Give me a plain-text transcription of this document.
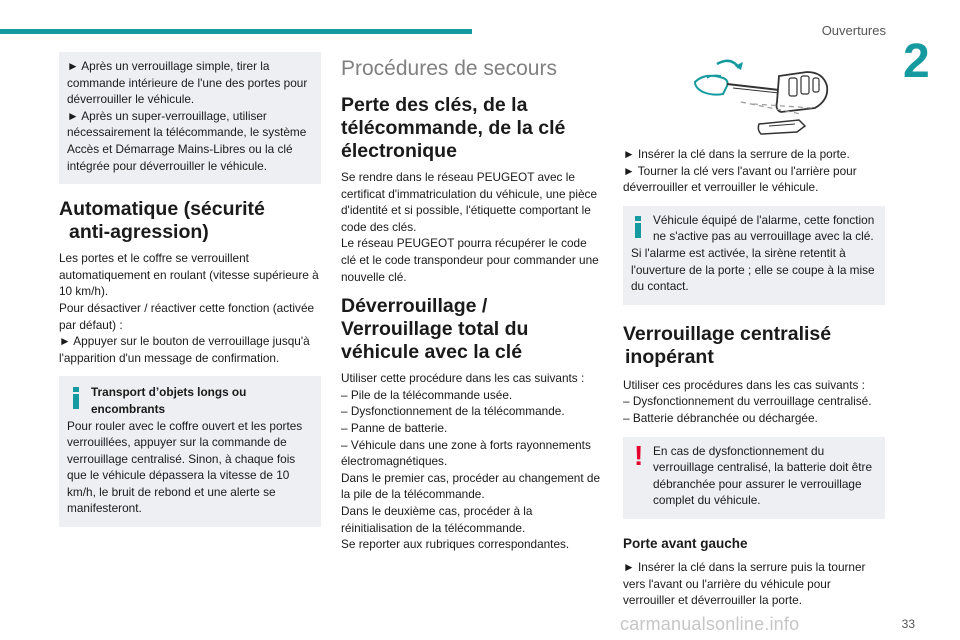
Ouvertures
2

► Après un verrouillage simple, tirer la commande intérieure de l'une des portes pour déverrouiller le véhicule.

► Après un super-verrouillage, utiliser nécessairement la télécommande, le système Accès et Démarrage Mains-Libres ou la clé intégrée pour déverrouiller le véhicule.

Automatique (sécurité
anti-agression)

Les portes et le coffre se verrouillent automatiquement en roulant (vitesse supérieure à 10 km/h).

Pour désactiver / réactiver cette fonction (activée par défaut) :

► Appuyer sur le bouton de verrouillage jusqu'à l'apparition d'un message de confirmation.

Transport d’objets longs ou encombrants

Pour rouler avec le coffre ouvert et les portes verrouillées, appuyer sur la commande de verrouillage centralisé. Sinon, à chaque fois que le véhicule dépassera la vitesse de 10 km/h, le bruit de rebond et une alerte se manifesteront.

Procédures de secours
Perte des clés, de la télécommande, de la clé électronique

Se rendre dans le réseau PEUGEOT avec le certificat d'immatriculation du véhicule, une pièce d'identité et si possible, l'étiquette comportant le code des clés.

Le réseau PEUGEOT pourra récupérer le code clé et le code transpondeur pour commander une nouvelle clé.

Déverrouillage / Verrouillage total du véhicule avec la clé

Utiliser cette procédure dans les cas suivants :

– Pile de la télécommande usée.

– Dysfonctionnement de la télécommande.

– Panne de batterie.

– Véhicule dans une zone à forts rayonnements électromagnétiques.

Dans le premier cas, procéder au changement de la pile de la télécommande.

Dans le deuxième cas, procéder à la réinitialisation de la télécommande.

Se reporter aux rubriques correspondantes.

► Insérer la clé dans la serrure de la porte.

► Tourner la clé vers l'avant ou l'arrière pour déverrouiller et verrouiller le véhicule.

Véhicule équipé de l'alarme, cette fonction ne s'active pas au verrouillage avec la clé.

Si l'alarme est activée, la sirène retentit à l'ouverture de la porte ; elle se coupe à la mise du contact.

Verrouillage centralisé
inopérant

Utiliser ces procédures dans les cas suivants :

– Dysfonctionnement du verrouillage centralisé.

– Batterie débranchée ou déchargée.

! En cas de dysfonctionnement du verrouillage centralisé, la batterie doit être débranchée pour assurer le verrouillage complet du véhicule.

Porte avant gauche

► Insérer la clé dans la serrure puis la tourner vers l'avant ou l'arrière du véhicule pour verrouiller et déverrouiller la porte.

carmanualsonline.info	33
